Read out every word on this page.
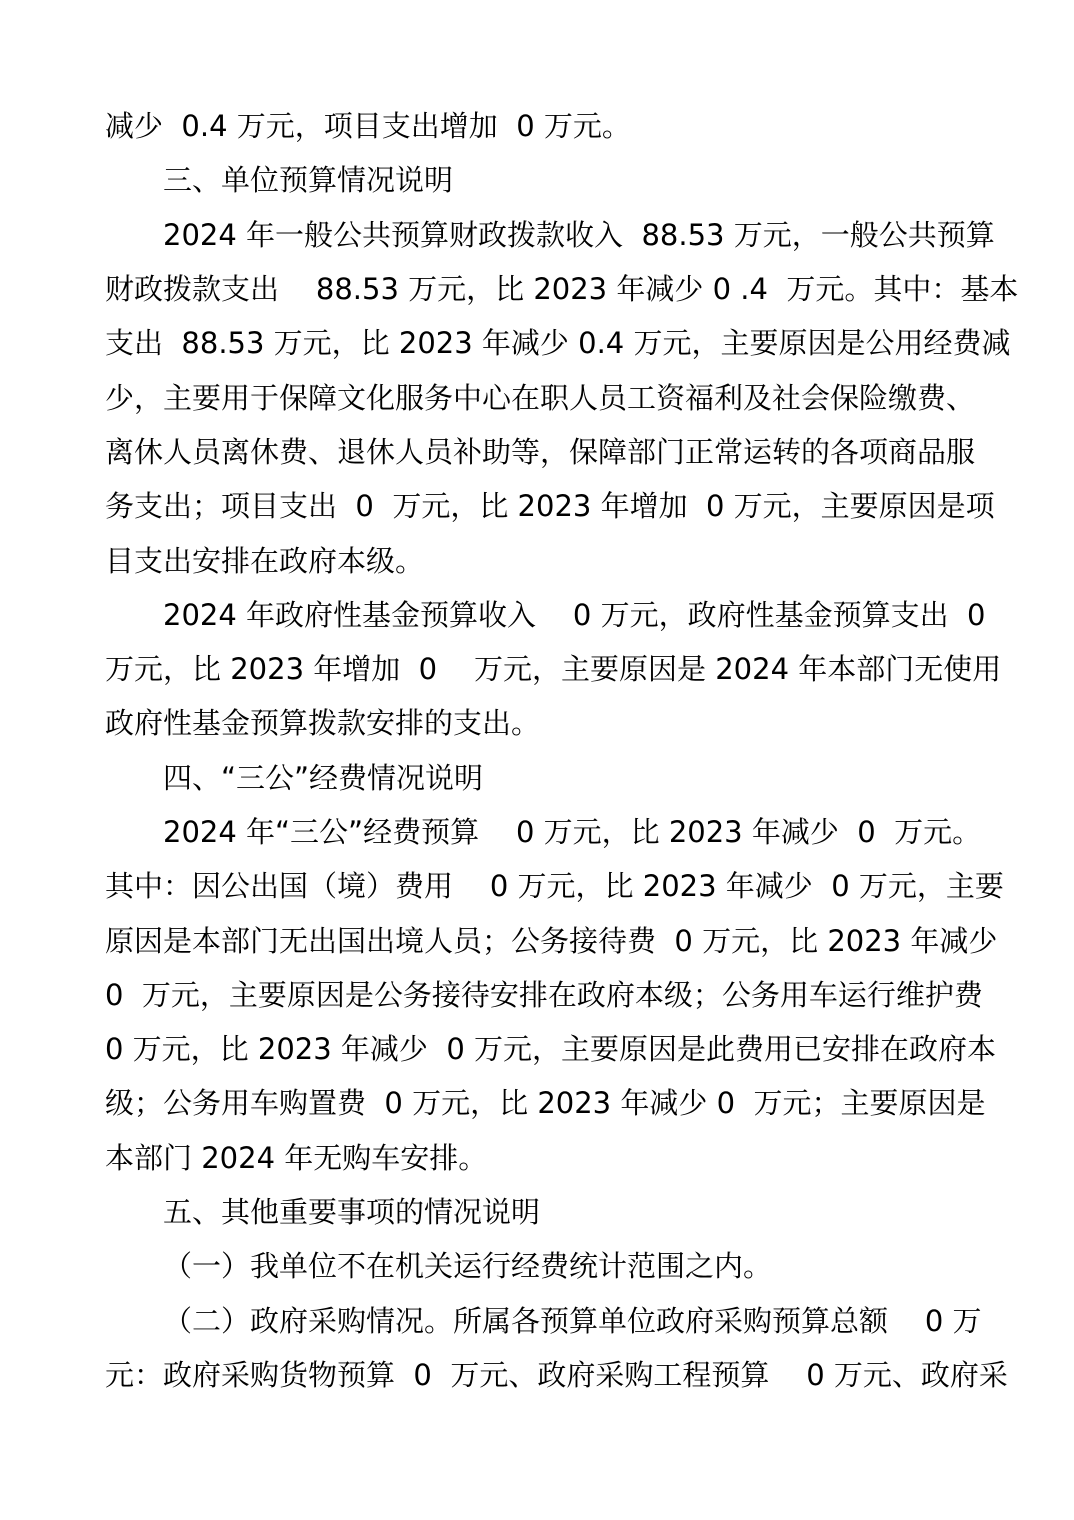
减少  0.4 万元，项目支出增加  0 万元。
三、单位预算情况说明
2024 年一般公共预算财政拨款收入  88.53 万元，一般公共预算
财政拨款支出    88.53 万元，比 2023 年减少 0 .4  万元。其中：基本
支出  88.53 万元，比 2023 年减少 0.4 万元，主要原因是公用经费减
少，主要用于保障文化服务中心在职人员工资福利及社会保险缴费、
离休人员离休费、退休人员补助等，保障部门正常运转的各项商品服
务支出；项目支出  0  万元，比 2023 年增加  0 万元，主要原因是项
目支出安排在政府本级。
2024 年政府性基金预算收入    0 万元，政府性基金预算支出  0
万元，比 2023 年增加  0    万元，主要原因是 2024 年本部门无使用
政府性基金预算拨款安排的支出。
四、“三公”经费情况说明
2024 年“三公”经费预算    0 万元，比 2023 年减少  0  万元。
其中：因公出国（境）费用    0 万元，比 2023 年减少  0 万元，主要
原因是本部门无出国出境人员；公务接待费  0 万元，比 2023 年减少
0  万元，主要原因是公务接待安排在政府本级；公务用车运行维护费
0 万元，比 2023 年减少  0 万元，主要原因是此费用已安排在政府本
级；公务用车购置费  0 万元，比 2023 年减少 0  万元；主要原因是
本部门 2024 年无购车安排。
五、其他重要事项的情况说明
（一）我单位不在机关运行经费统计范围之内。
（二）政府采购情况。所属各预算单位政府采购预算总额    0 万
元：政府采购货物预算  0  万元、政府采购工程预算    0 万元、政府采
